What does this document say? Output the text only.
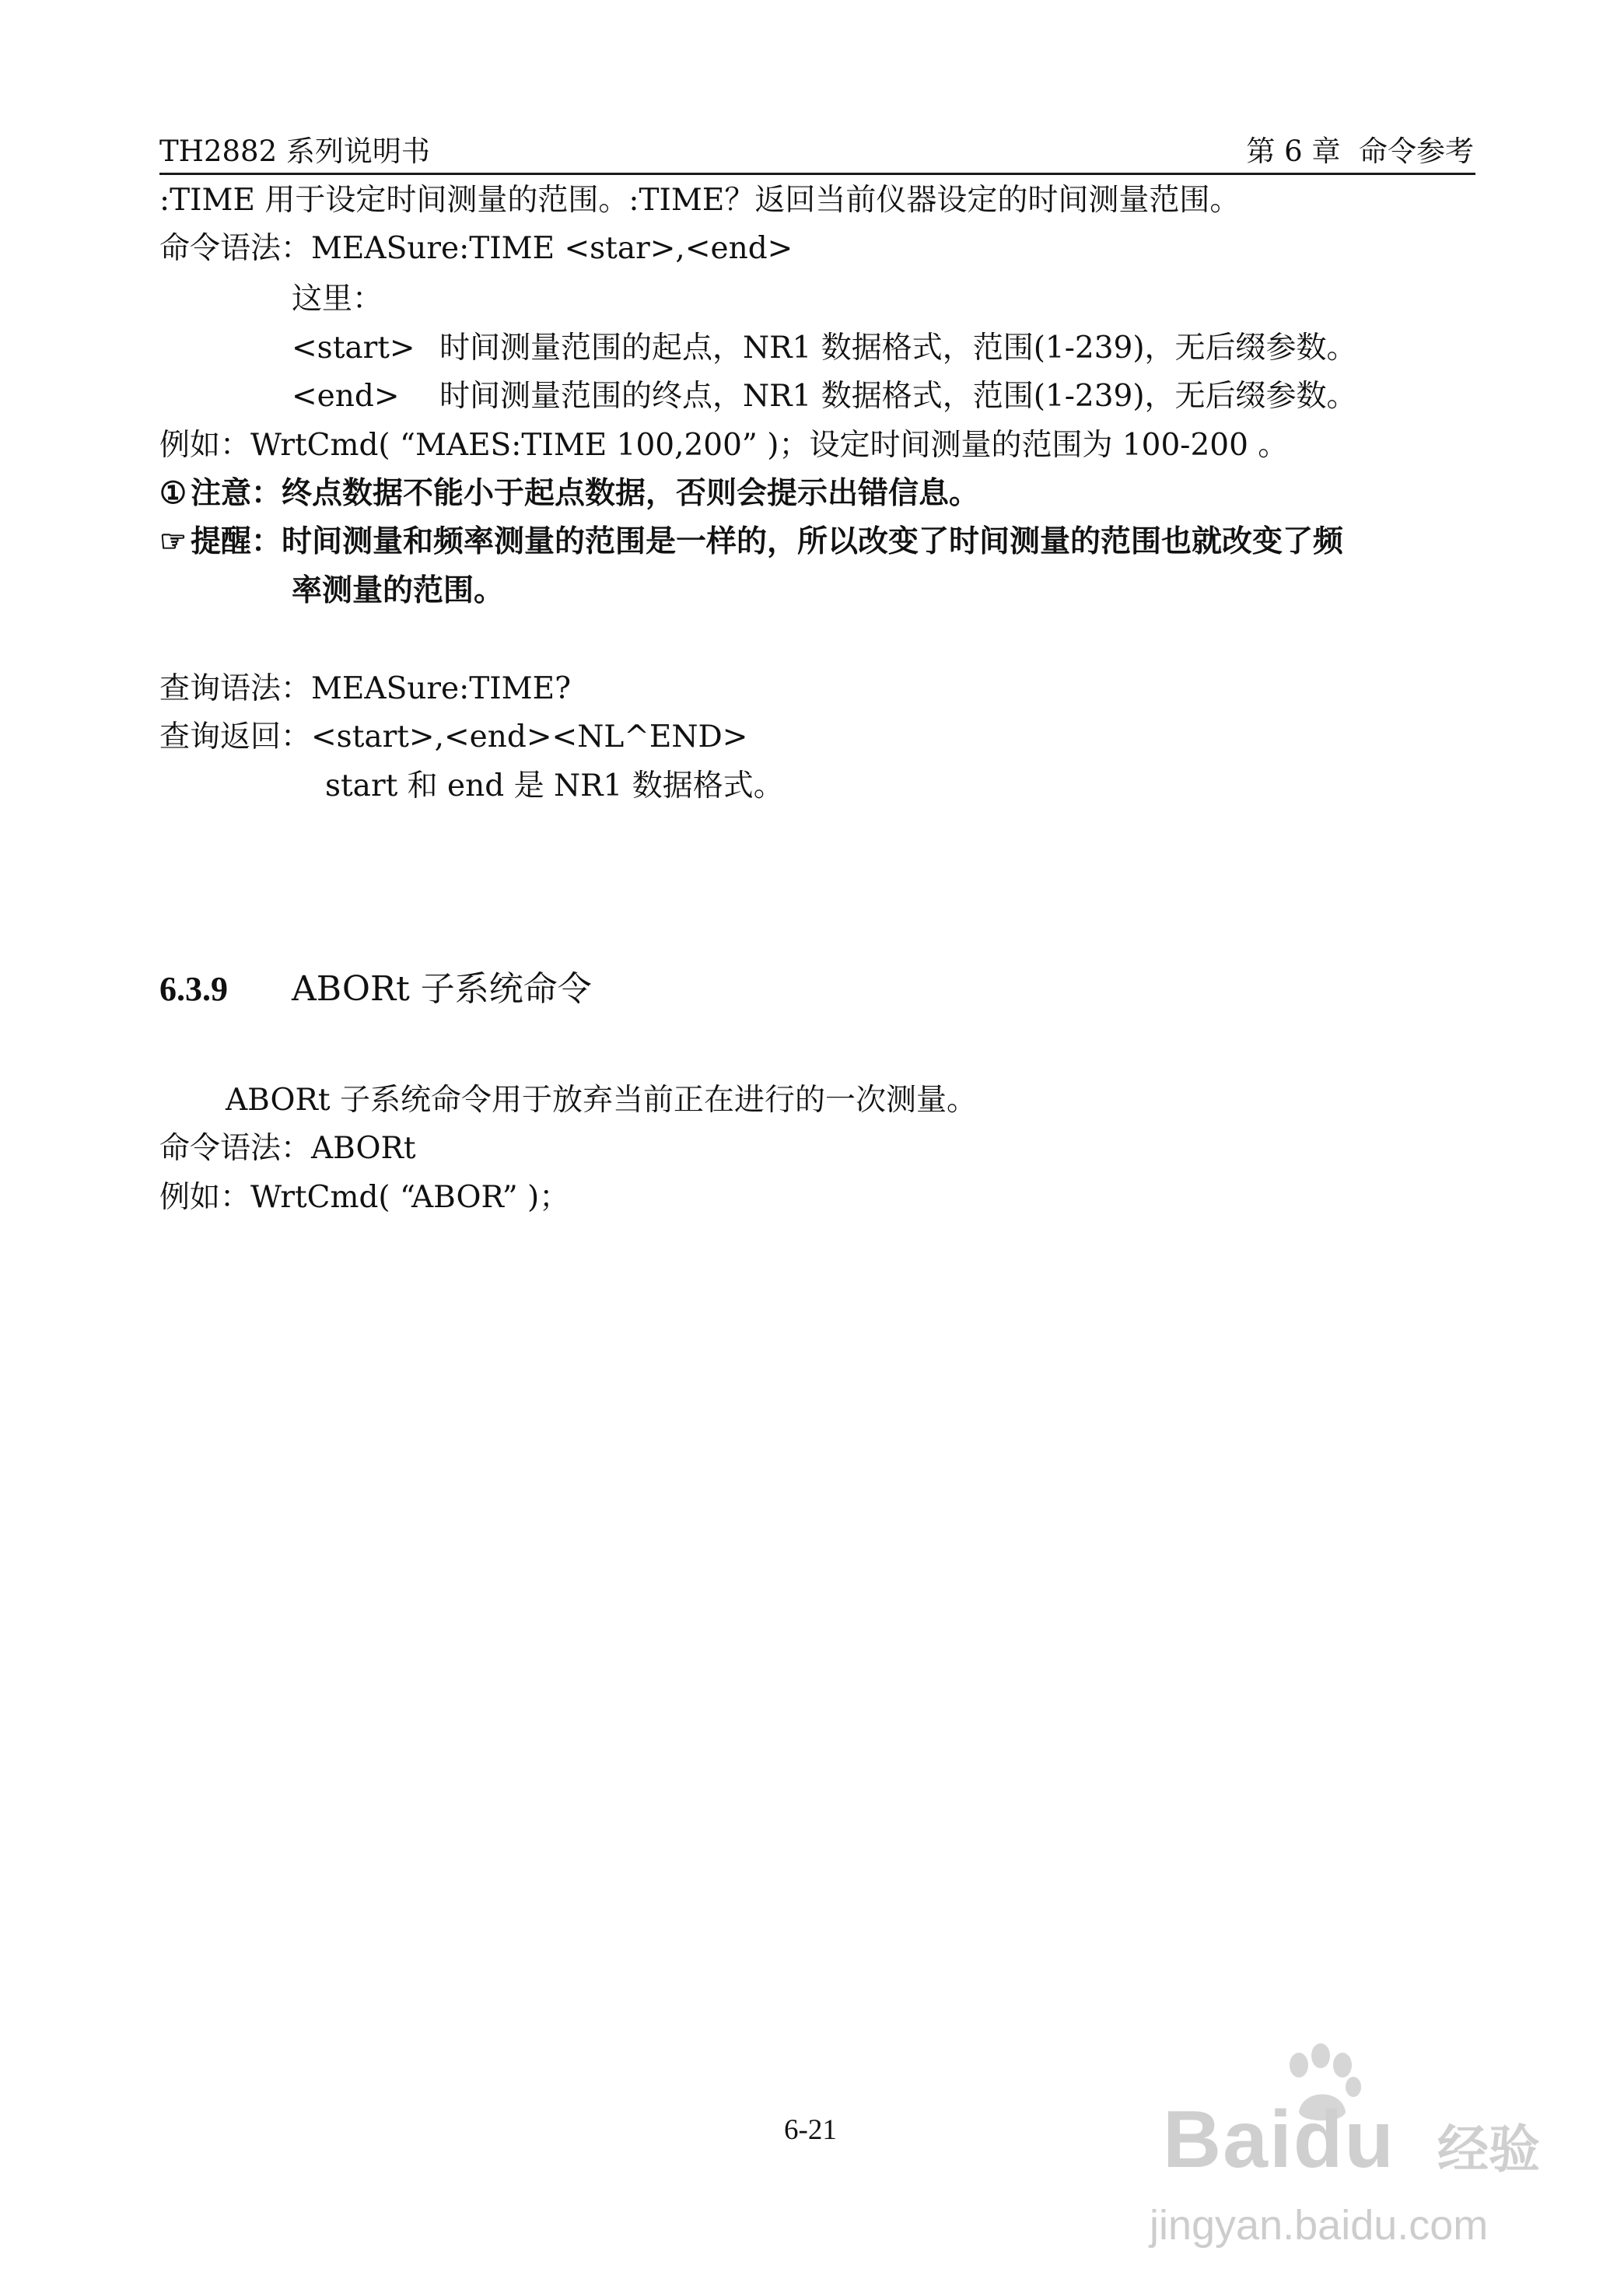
TH2882 系列说明书	第 6 章  命令参考
:TIME 用于设定时间测量的范围。:TIME？返回当前仪器设定的时间测量范围。
命令语法：MEASure:TIME <star>,<end>
这里：
<start> 时间测量范围的起点，NR1 数据格式，范围(1-239)，无后缀参数。
<end> 时间测量范围的终点，NR1 数据格式，范围(1-239)，无后缀参数。
例如：WrtCmd( “MAES:TIME 100,200” )；设定时间测量的范围为 100-200 。
① 注意：终点数据不能小于起点数据，否则会提示出错信息。
☞ 提醒：时间测量和频率测量的范围是一样的，所以改变了时间测量的范围也就改变了频
率测量的范围。
查询语法：MEASure:TIME?
查询返回：<start>,<end><NL^END>
start 和 end 是 NR1 数据格式。
6.3.9 ABORt 子系统命令
ABORt 子系统命令用于放弃当前正在进行的一次测量。
命令语法：ABORt
例如：WrtCmd( “ABOR” )；
6-21	Baidu 经验
jingyan.baidu.com
